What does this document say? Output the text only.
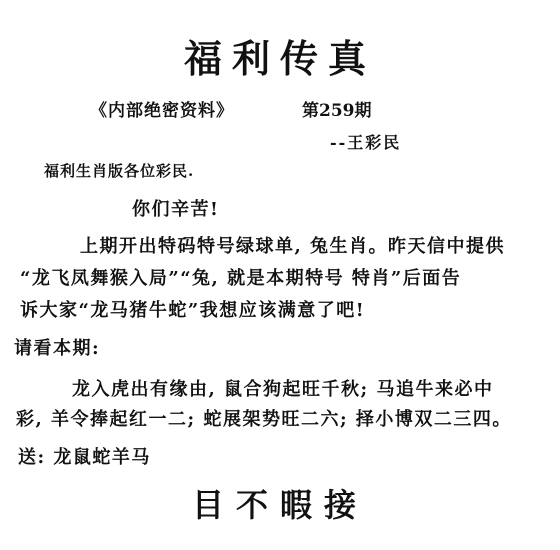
福利传真
《内部绝密资料》	第259期
--王彩民
福利生肖版各位彩民.
你们辛苦!
上期开出特码特号绿球单, 兔生肖。昨天信中提供
“龙飞凤舞猴入局”“兔, 就是本期特号 特肖”后面告
诉大家“龙马猪牛蛇”我想应该满意了吧!
请看本期:
龙入虎出有缘由, 鼠合狗起旺千秋; 马追牛来必中
彩, 羊令捧起红一二; 蛇展架势旺二六; 择小博双二三四。
送: 龙鼠蛇羊马
目不暇接
